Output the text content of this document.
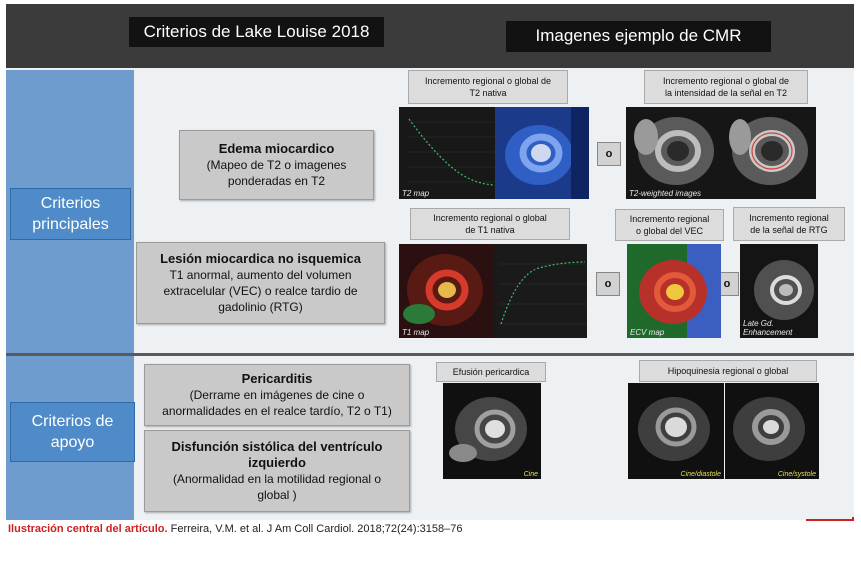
Criterios de Lake Louise 2018	Imagenes ejemplo de CMR
Criterios
principales
Criterios de
apoyo
Edema miocardico
(Mapeo de T2 o imagenes
ponderadas en T2
Lesión miocardica no isquemica
T1 anormal, aumento del volumen
extracelular (VEC) o realce tardio de
gadolinio (RTG)
Pericarditis
(Derrame en imágenes de cine o
anormalidades en el realce tardío, T2 o T1)
Disfunción sistólica del ventrículo
izquierdo
(Anormalidad en la motilidad regional o
global )
Incremento regional o global de
T2 nativa
Incremento regional o global de
la intensidad de la señal en T2
Incremento regional o global
de T1 nativa
Incremento regional
o global del VEC
Incremento regional
de la señal de RTG
Efusión pericardica	Hipoquinesia regional o global
o
o	o
T2 map	T2-weighted images
T1 map	ECV map
Late Gd. Enhancement
Cine	Cine/diastole	Cine/systole
Ilustración central del artículo. Ferreira, V.M. et al. J Am Coll Cardiol. 2018;72(24):3158–76
